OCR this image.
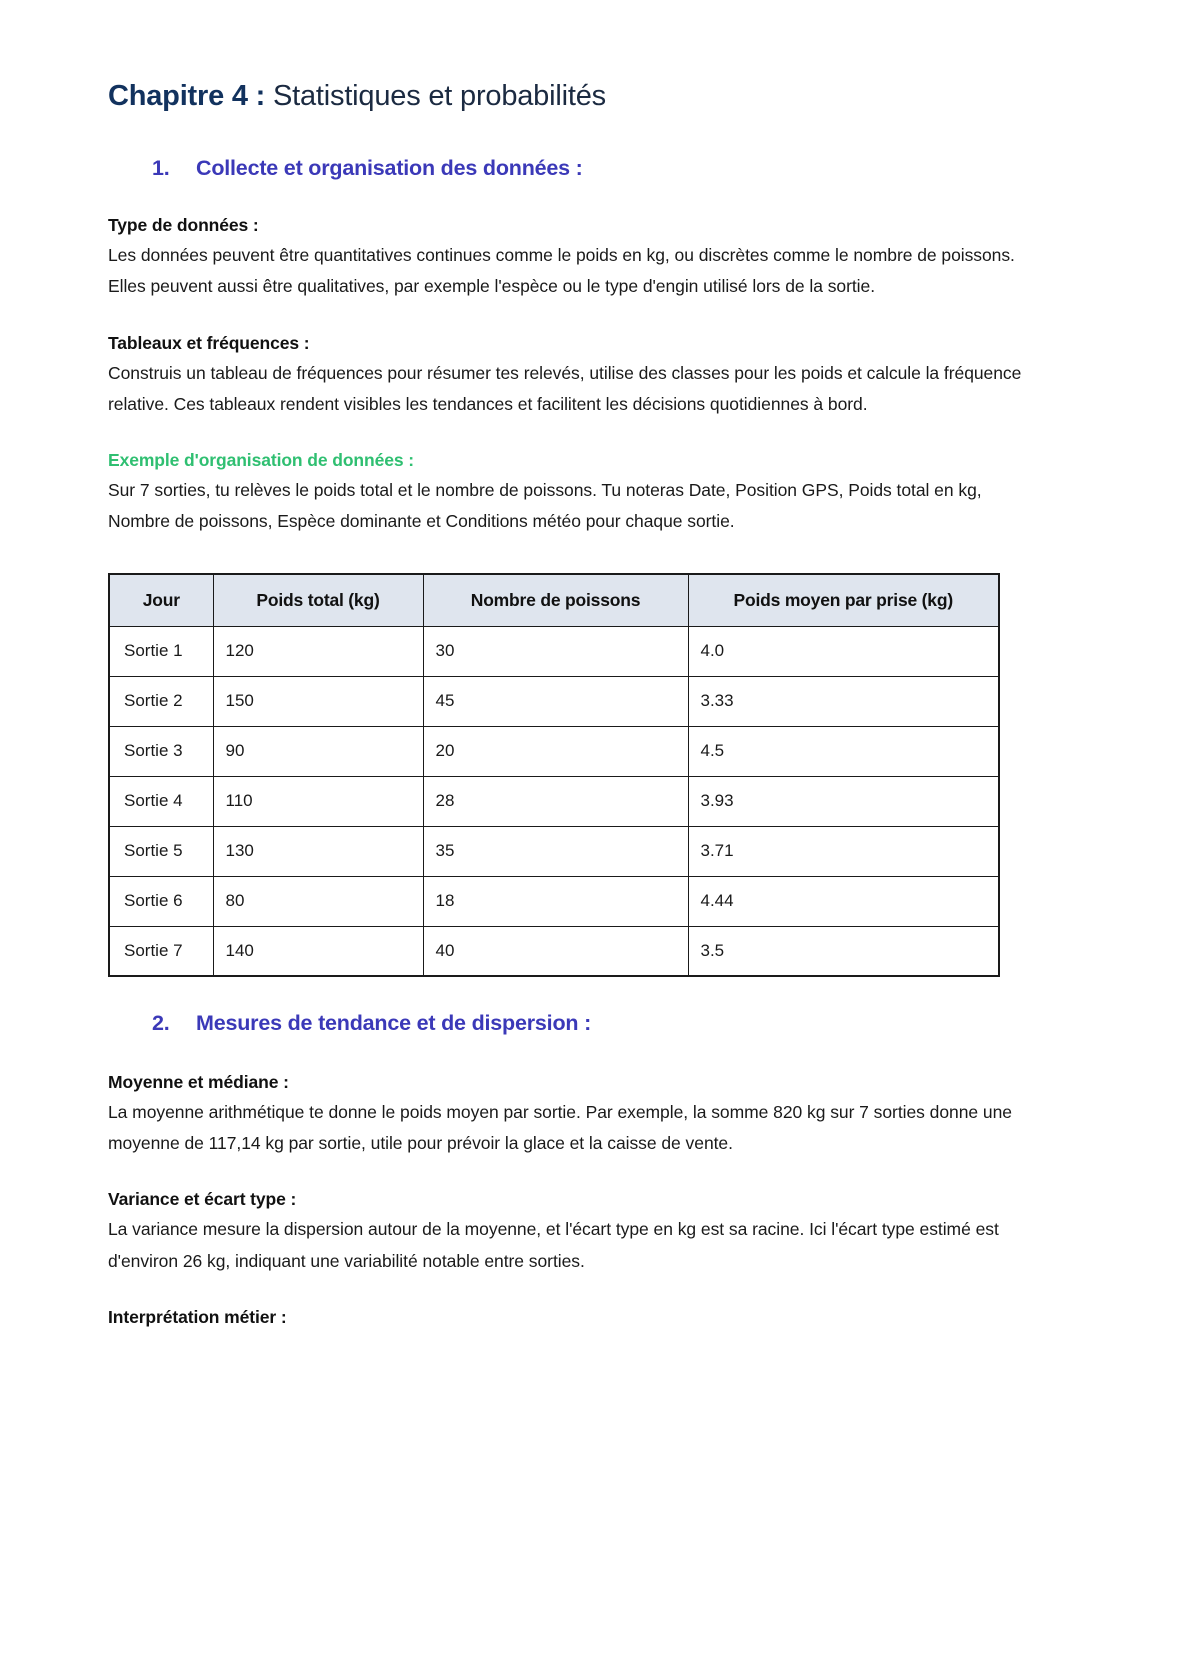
Chapitre 4 : Statistiques et probabilités
1.	Collecte et organisation des données :

Type de données :

Les données peuvent être quantitatives continues comme le poids en kg, ou discrètes comme le nombre de poissons. Elles peuvent aussi être qualitatives, par exemple l'espèce ou le type d'engin utilisé lors de la sortie.

Tableaux et fréquences :

Construis un tableau de fréquences pour résumer tes relevés, utilise des classes pour les poids et calcule la fréquence relative. Ces tableaux rendent visibles les tendances et facilitent les décisions quotidiennes à bord.

Exemple d'organisation de données :

Sur 7 sorties, tu relèves le poids total et le nombre de poissons. Tu noteras Date, Position GPS, Poids total en kg, Nombre de poissons, Espèce dominante et Conditions météo pour chaque sortie.

Jour	Poids total (kg)	Nombre de poissons	Poids moyen par prise (kg)
Sortie 1	120	30	4.0
Sortie 2	150	45	3.33
Sortie 3	90	20	4.5
Sortie 4	110	28	3.93
Sortie 5	130	35	3.71
Sortie 6	80	18	4.44
Sortie 7	140	40	3.5
2.	Mesures de tendance et de dispersion :

Moyenne et médiane :

La moyenne arithmétique te donne le poids moyen par sortie. Par exemple, la somme 820 kg sur 7 sorties donne une moyenne de 117,14 kg par sortie, utile pour prévoir la glace et la caisse de vente.

Variance et écart type :

La variance mesure la dispersion autour de la moyenne, et l'écart type en kg est sa racine. Ici l'écart type estimé est d'environ 26 kg, indiquant une variabilité notable entre sorties.

Interprétation métier :
